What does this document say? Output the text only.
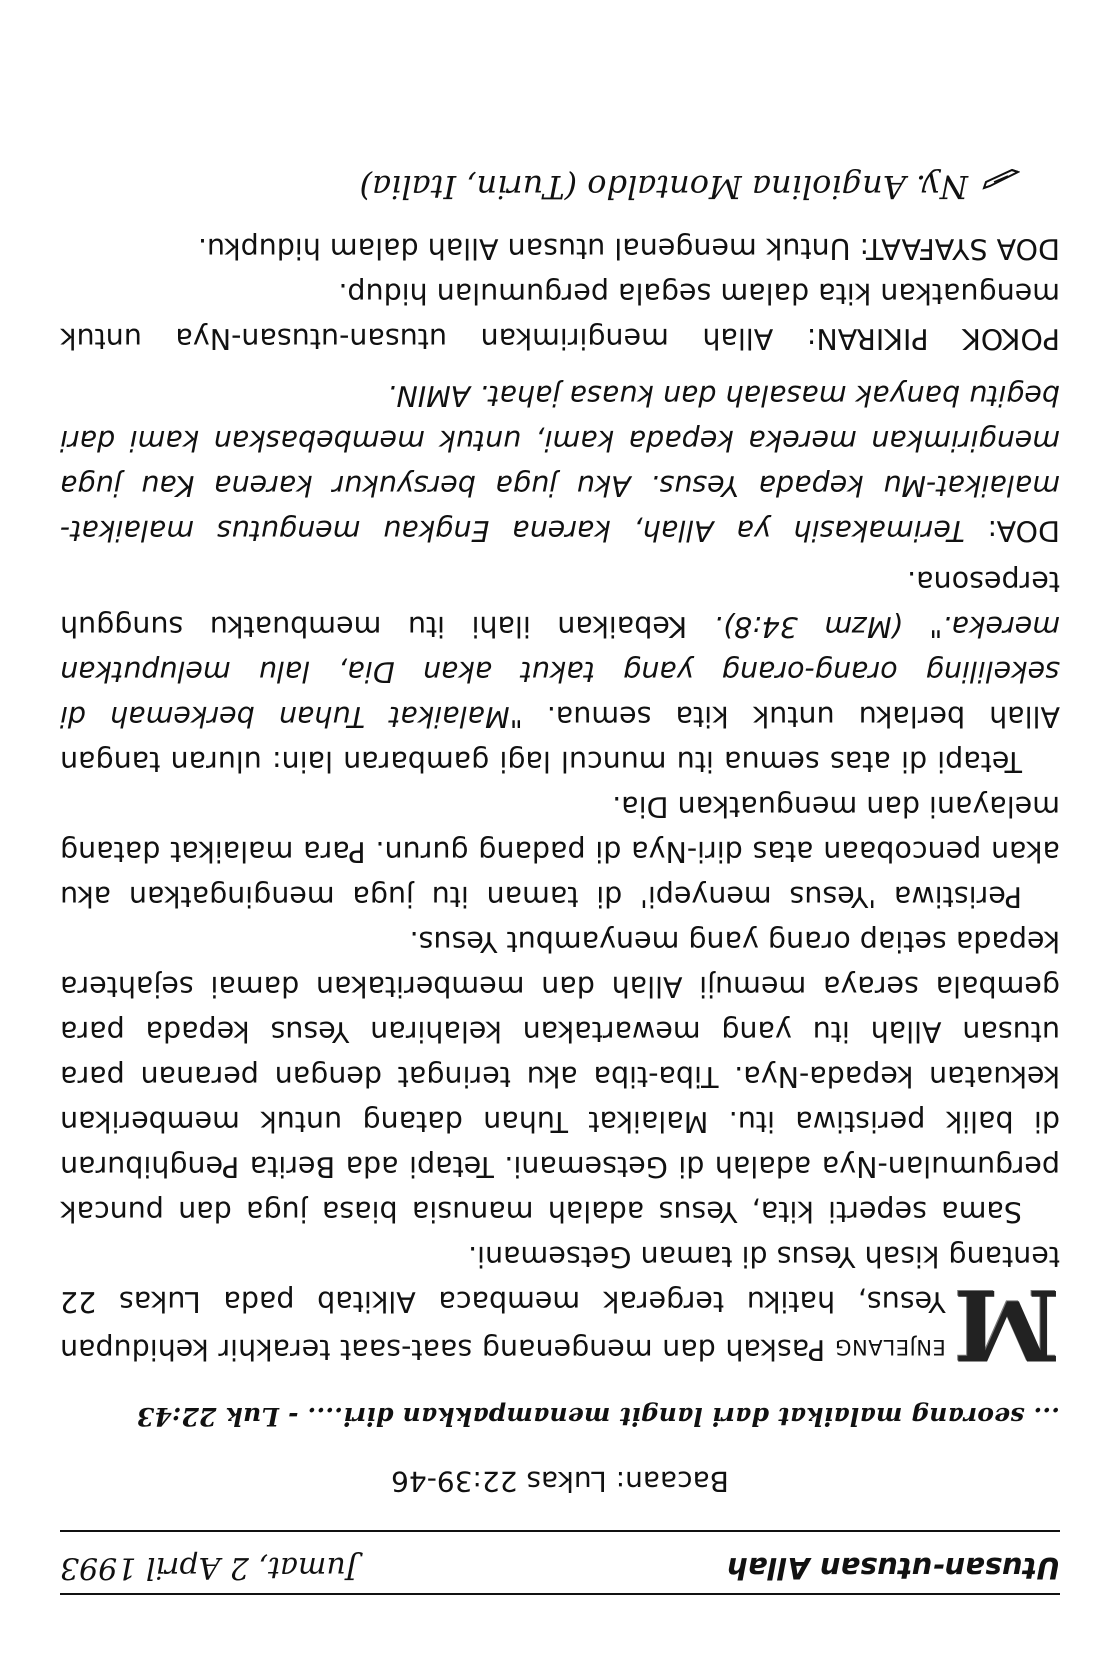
Utusan-utusan Allah
Jumat, 2 April 1993
Bacaan: Lukas 22:39-46
... seorang malaikat dari langit menampakkan diri.... - Luk 22:43

M
ENJELANG Paskah dan mengenang saat-saat terakhir kehidupan Yesus, hatiku tergerak membaca Alkitab pada Lukas 22 tentang kisah Yesus di taman Getsemani.

Sama seperti kita, Yesus adalah manusia biasa juga dan puncak pergumulan-Nya adalah di Getsemani. Tetapi ada Berita Penghiburan di balik peristiwa itu. Malaikat Tuhan datang untuk memberikan kekuatan kepada-Nya. Tiba-tiba aku teringat dengan peranan para utusan Allah itu yang mewartakan kelahiran Yesus kepada para gembala seraya memuji Allah dan memberitakan damai sejahtera kepada setiap orang yang menyambut Yesus.

Peristiwa 'Yesus menyepi' di taman itu juga mengingatkan aku akan pencobaan atas diri-Nya di padang gurun. Para malaikat datang melayani dan menguatkan Dia.

Tetapi di atas semua itu muncul lagi gambaran lain: uluran tangan Allah berlaku untuk kita semua. "Malaikat Tuhan berkemah di sekeliling orang-orang yang takut akan Dia, lalu meluputkan mereka." (Mzm 34:8). Kebaikan ilahi itu membuatku sungguh terpesona.

DOA: Terimakasih ya Allah, karena Engkau mengutus malaikat-malaikat-Mu kepada Yesus. Aku juga bersyukur karena Kau juga mengirimkan mereka kepada kami, untuk membebaskan kami dari begitu banyak masalah dan kuasa jahat. AMIN.

POKOK PIKIRAN: Allah mengirimkan utusan-utusan-Nya untuk menguatkan kita dalam segala pergumulan hidup.

DOA SYAFAAT: Untuk mengenal utusan Allah dalam hidupku.

Ny. Angiolina Montaldo (Turin, Italia)
